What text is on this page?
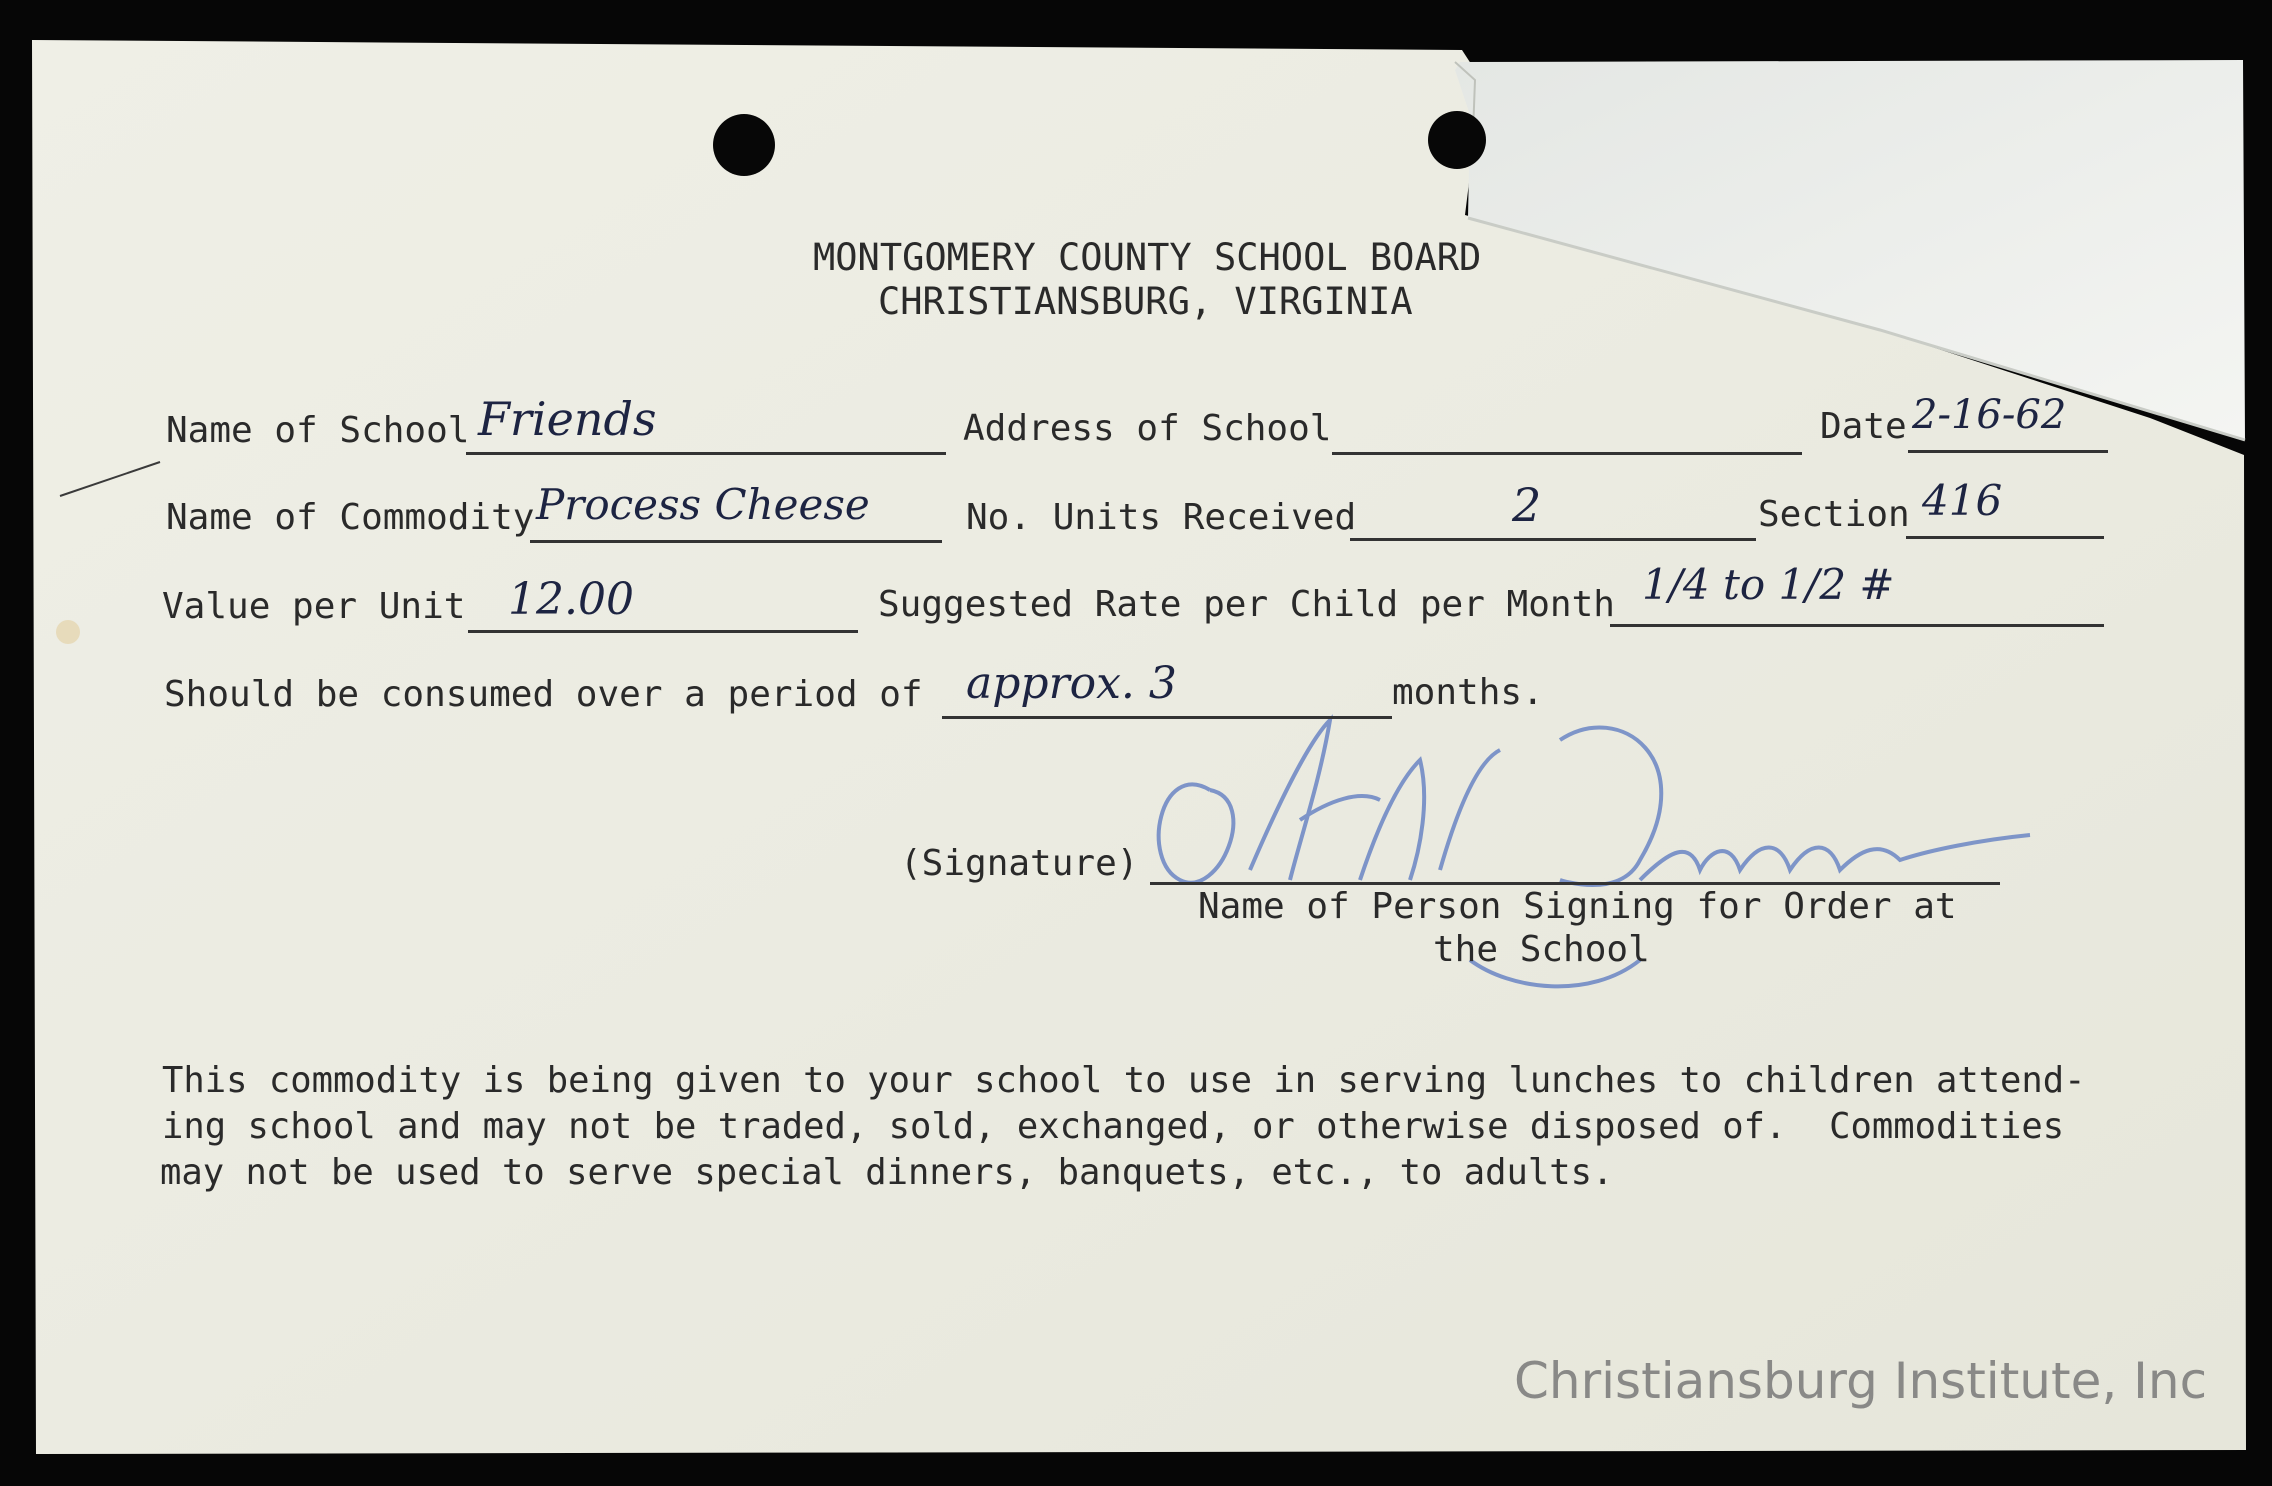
MONTGOMERY COUNTY SCHOOL BOARD
CHRISTIANSBURG, VIRGINIA
Name of School Friends	Address of School	Date 2-16-62
Name of Commodity Process Cheese	No. Units Received	2	Section 416
Value per Unit 12.00	Suggested Rate per Child per Month 1/4 to 1/2 #
Should be consumed over a period of approx. 3	months.
(Signature)
Name of Person Signing for Order at
the School
This commodity is being given to your school to use in serving lunches to children attend-
ing school and may not be traded, sold, exchanged, or otherwise disposed of.  Commodities
may not be used to serve special dinners, banquets, etc., to adults.
Christiansburg Institute, Inc
